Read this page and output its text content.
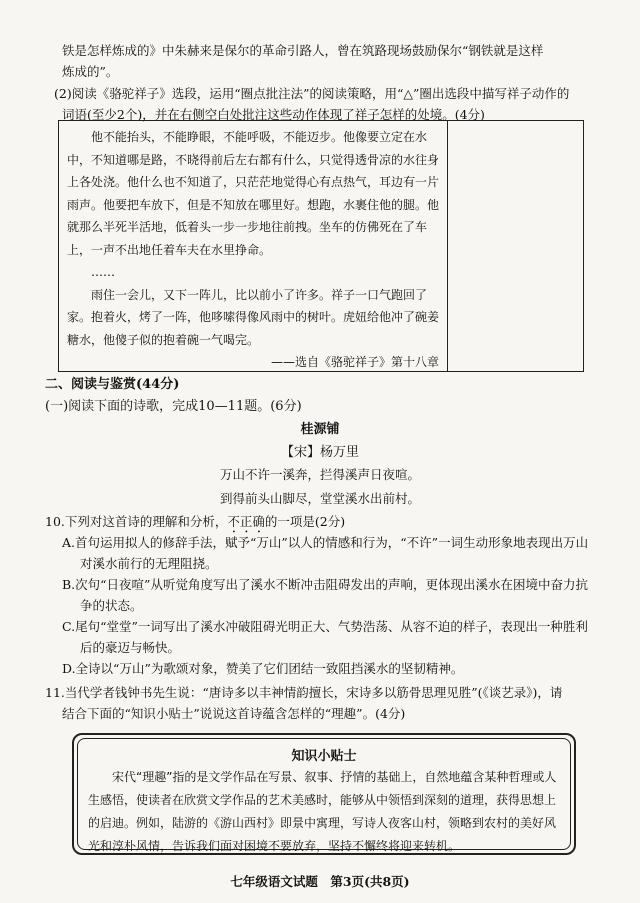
铁是怎样炼成的》中朱赫来是保尔的革命引路人，曾在筑路现场鼓励保尔“钢铁就是这样

炼成的”。

(2)阅读《骆驼祥子》选段，运用“圈点批注法”的阅读策略，用“△”圈出选段中描写祥子动作的

词语(至少2个)，并在右侧空白处批注这些动作体现了祥子怎样的处境。(4分)

他不能抬头，不能睁眼，不能呼吸，不能迈步。他像要立定在水中，不知道哪是路，不晓得前后左右都有什么，只觉得透骨凉的水往身上各处浇。他什么也不知道了，只茫茫地觉得心有点热气，耳边有一片雨声。他要把车放下，但是不知放在哪里好。想跑，水裹住他的腿。他就那么半死半活地，低着头一步一步地往前拽。坐车的仿佛死在了车上，一声不出地任着车夫在水里挣命。

……

雨住一会儿，又下一阵儿，比以前小了许多。祥子一口气跑回了家。抱着火，烤了一阵，他哆嗦得像风雨中的树叶。虎妞给他冲了碗姜糖水，他傻子似的抱着碗一气喝完。

——选自《骆驼祥子》第十八章

二、阅读与鉴赏(44分)
(一)阅读下面的诗歌，完成10—11题。(6分)
桂源铺
【宋】杨万里
万山不许一溪奔，拦得溪声日夜喧。
到得前头山脚尽，堂堂溪水出前村。

10.下列对这首诗的理解和分析，不正确的一项是(2分)

A.首句运用拟人的修辞手法，赋予“万山”以人的情感和行为，“不许”一词生动形象地表现出万山对溪水前行的无理阻挠。

B.次句“日夜喧”从听觉角度写出了溪水不断冲击阻碍发出的声响，更体现出溪水在困境中奋力抗争的状态。

C.尾句“堂堂”一词写出了溪水冲破阻碍光明正大、气势浩荡、从容不迫的样子，表现出一种胜利后的豪迈与畅快。

D.全诗以“万山”为歌颂对象，赞美了它们团结一致阻挡溪水的坚韧精神。

11.当代学者钱钟书先生说：“唐诗多以丰神情韵擅长，宋诗多以筋骨思理见胜”(《谈艺录》)，请

结合下面的“知识小贴士”说说这首诗蕴含怎样的“理趣”。(4分)

知识小贴士

宋代“理趣”指的是文学作品在写景、叙事、抒情的基础上，自然地蕴含某种哲理或人生感悟，使读者在欣赏文学作品的艺术美感时，能够从中领悟到深刻的道理，获得思想上的启迪。例如，陆游的《游山西村》即景中寓理，写诗人夜客山村，领略到农村的美好风光和淳朴风情，告诉我们面对困境不要放弃，坚持不懈终将迎来转机。

七年级语文试题　第3页(共8页)
